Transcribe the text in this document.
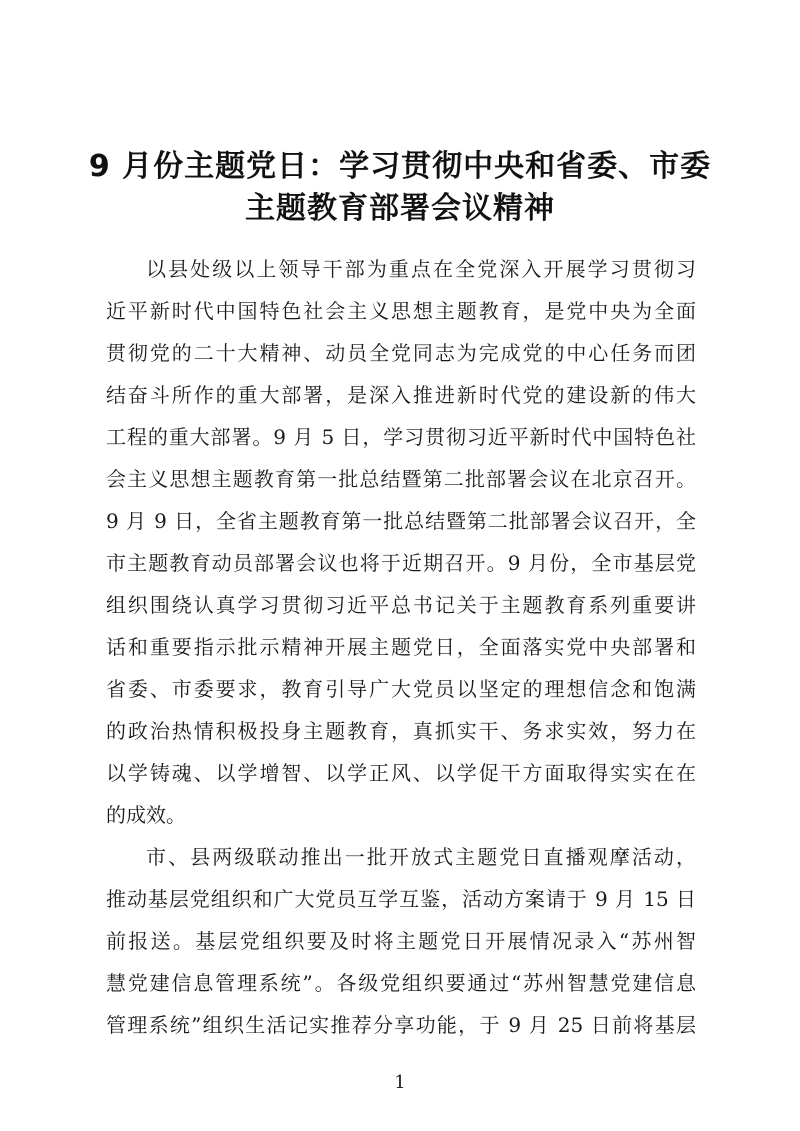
9 月份主题党日：学习贯彻中央和省委、市委
主题教育部署会议精神
以县处级以上领导干部为重点在全党深入开展学习贯彻习
近平新时代中国特色社会主义思想主题教育，是党中央为全面
贯彻党的二十大精神、动员全党同志为完成党的中心任务而团
结奋斗所作的重大部署，是深入推进新时代党的建设新的伟大
工程的重大部署。9 月 5 日，学习贯彻习近平新时代中国特色社
会主义思想主题教育第一批总结暨第二批部署会议在北京召开。
9 月 9 日，全省主题教育第一批总结暨第二批部署会议召开，全
市主题教育动员部署会议也将于近期召开。9 月份，全市基层党
组织围绕认真学习贯彻习近平总书记关于主题教育系列重要讲
话和重要指示批示精神开展主题党日，全面落实党中央部署和
省委、市委要求，教育引导广大党员以坚定的理想信念和饱满
的政治热情积极投身主题教育，真抓实干、务求实效，努力在
以学铸魂、以学增智、以学正风、以学促干方面取得实实在在
的成效。
市、县两级联动推出一批开放式主题党日直播观摩活动，
推动基层党组织和广大党员互学互鉴，活动方案请于 9 月 15 日
前报送。基层党组织要及时将主题党日开展情况录入“苏州智
慧党建信息管理系统”。各级党组织要通过“苏州智慧党建信息
管理系统”组织生活记实推荐分享功能，于 9 月 25 日前将基层
1
